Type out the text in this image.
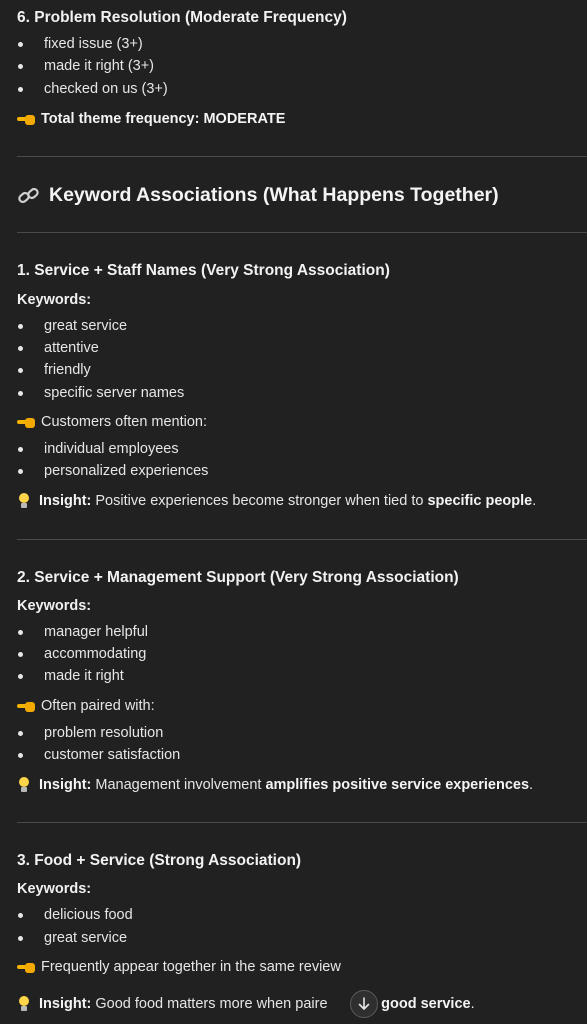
6. Problem Resolution (Moderate Frequency)
fixed issue (3+)
made it right (3+)
checked on us (3+)
Total theme frequency: MODERATE
Keyword Associations (What Happens Together)
1. Service + Staff Names (Very Strong Association)
Keywords:
great service
attentive
friendly
specific server names
Customers often mention:
individual employees
personalized experiences
Insight:
Positive experiences become stronger when tied to
specific people .
2. Service + Management Support (Very Strong Association)
Keywords:
manager helpful
accommodating
made it right
Often paired with:
problem resolution
customer satisfaction
Insight:
Management involvement
amplifies positive service experiences .
3. Food + Service (Strong Association)
Keywords:
delicious food
great service
Frequently appear together in the same review
Insight:
Good food matters more when paire
	good service .
